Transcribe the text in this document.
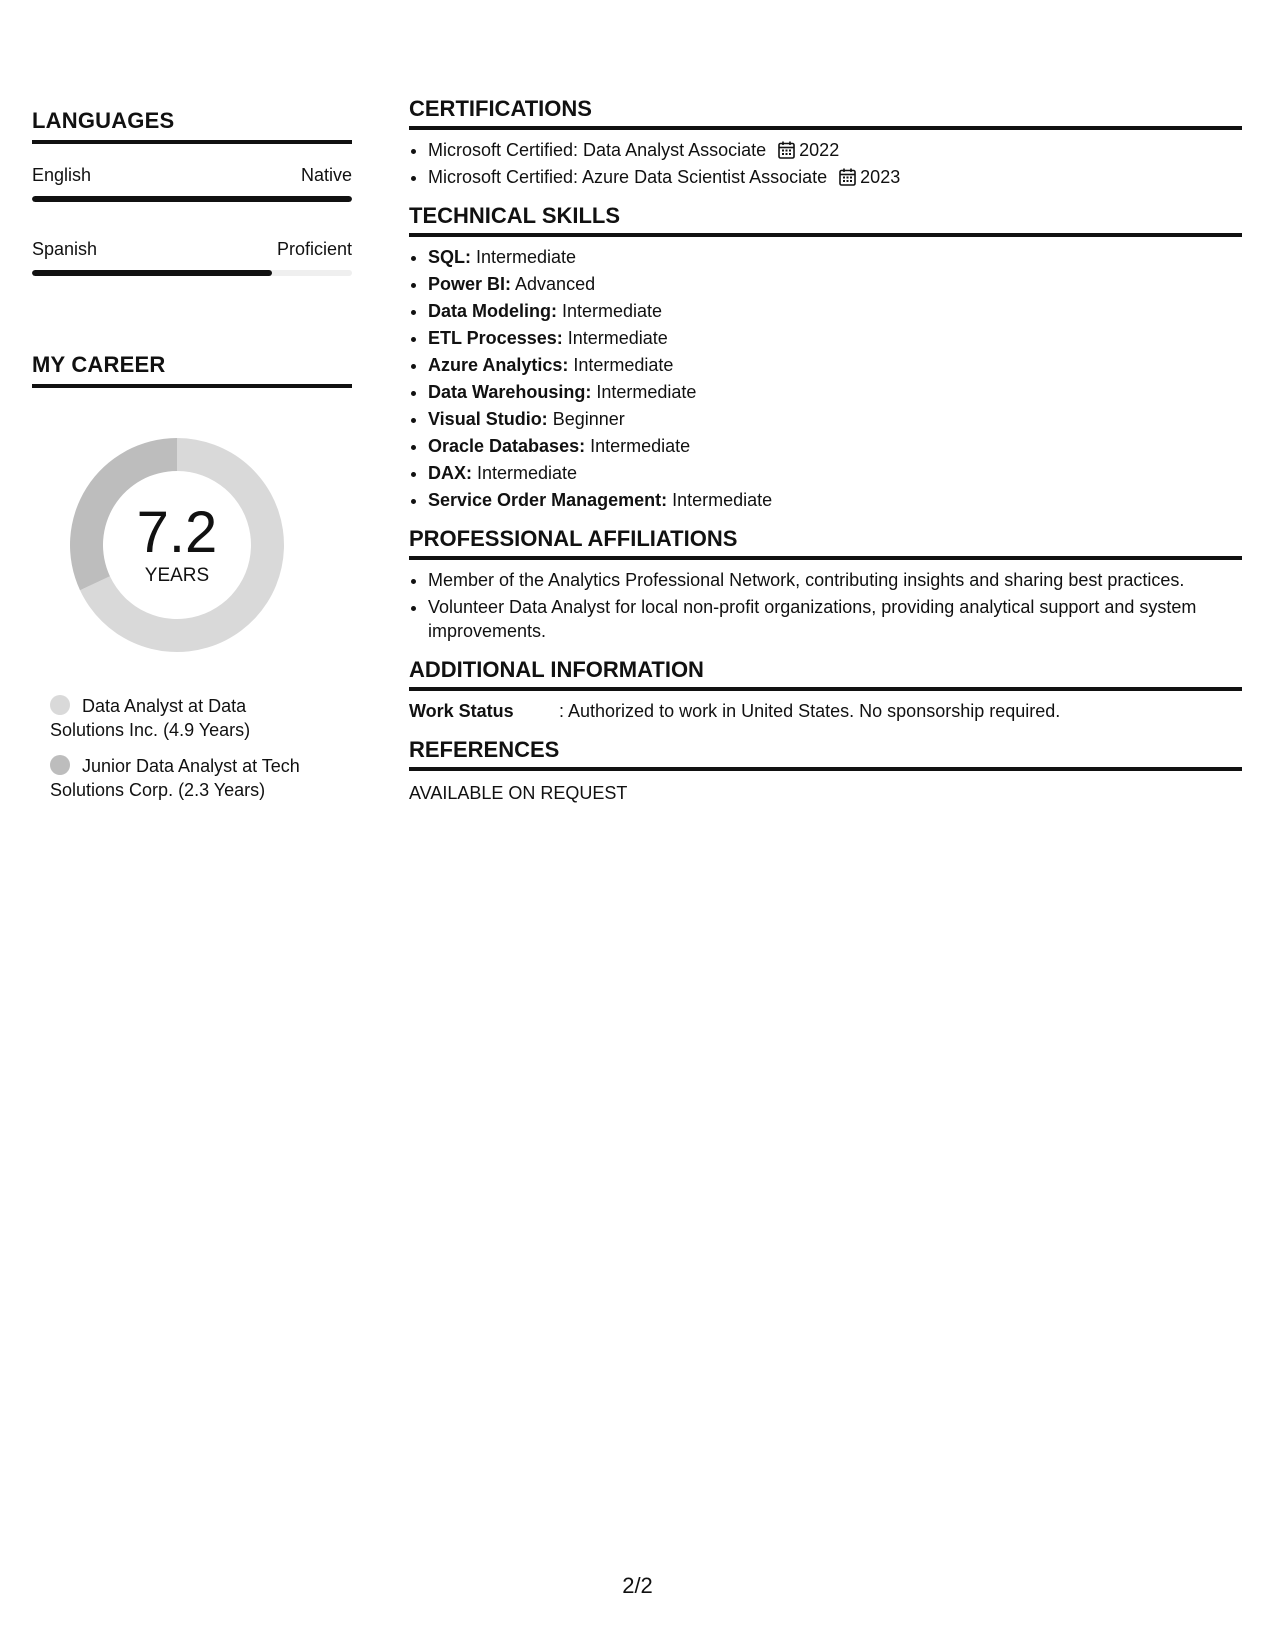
LANGUAGES
English	Native
Spanish	Proficient
MY CAREER
7.2
YEARS
Data Analyst at Data Solutions Inc. (4.9 Years)
Junior Data Analyst at Tech Solutions Corp. (2.3 Years)
CERTIFICATIONS
• Microsoft Certified: Data Analyst Associate 2022
• Microsoft Certified: Azure Data Scientist Associate 2023
TECHNICAL SKILLS
• SQL: Intermediate
• Power BI: Advanced
• Data Modeling: Intermediate
• ETL Processes: Intermediate
• Azure Analytics: Intermediate
• Data Warehousing: Intermediate
• Visual Studio: Beginner
• Oracle Databases: Intermediate
• DAX: Intermediate
• Service Order Management: Intermediate
PROFESSIONAL AFFILIATIONS
• Member of the Analytics Professional Network, contributing insights and sharing best practices.
• Volunteer Data Analyst for local non-profit organizations, providing analytical support and system improvements.
ADDITIONAL INFORMATION
Work Status	: Authorized to work in United States. No sponsorship required.
REFERENCES
AVAILABLE ON REQUEST
2/2
